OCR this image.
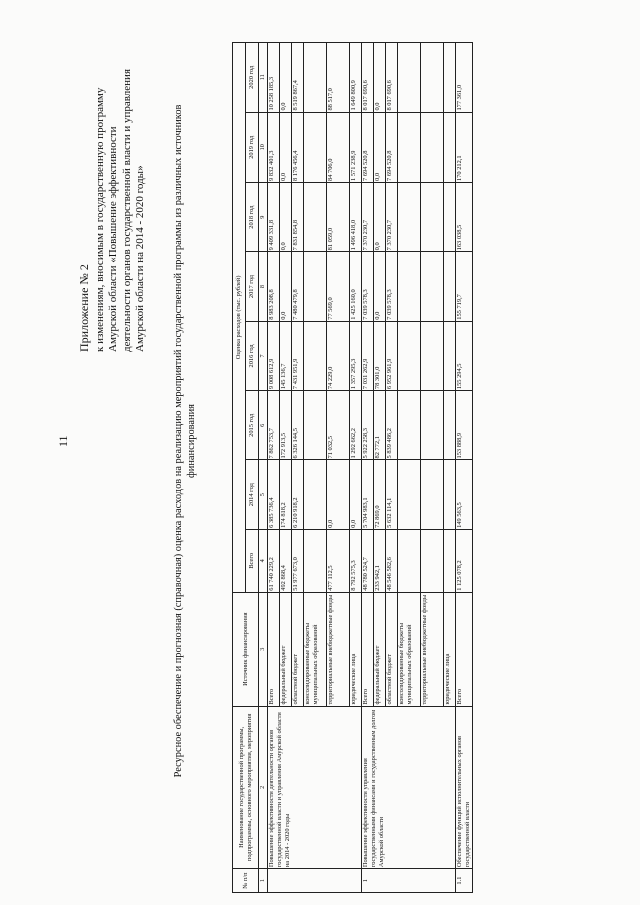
11
Приложение № 2 к изменениям, вносимым в государственную программу Амурской области «Повышение эффективности деятельности органов государственной власти и управления Амурской области на 2014 - 2020 годы»	Ресурсное обеспечение и прогнозная (справочная) оценка расходов на реализацию мероприятий государственной программы из различных источников финансирования
№ п/п	Наименование государственной программы, подпрограммы, основного мероприятия, мероприятия	Источник финансирования	Оценка расходов (тыс. рублей)							
			Всего	2014 год	2015 год	2016 год	2017 год	2018 год	2019 год	2020 год
1	2	3	4	5	6	7	8	9	10	11
	Повышение эффективности деятельности органов государственной власти и управления Амурской области на 2014 - 2020 годы	Всего	61 740 229,2	6 385 736,4	7 862 753,7	9 008 612,9	8 983 208,8	9 409 331,8	9 832 401,3	10 258 185,3
		федеральный бюджет	492 868,4	174 818,2	172 913,5	145 136,7	0,0	0,0	0,0	0,0
		областной бюджет	51 977 673,0	6 210 918,2	6 326 144,5	7 431 951,9	7 480 479,8	7 831 854,8	8 176 456,4	8 519 867,4
		консолидированные бюджеты муниципальных образований								
		территориальные внебюджетные фонды	477 112,5	0,0	71 032,5	74 229,0	77 569,0	81 059,0	84 706,0	88 517,0
		юридические лица	8 792 575,3	0,0	1 292 662,2	1 357 295,3	1 425 160,0	1 496 418,0	1 571 238,9	1 649 800,9
1	Повышение эффективности управления государственными финансами и государственным долгом Амурской области	Всего	48 780 524,7	5 704 983,1	5 922 258,3	7 031 262,9	7 039 578,3	7 370 230,7	7 694 520,8	8 017 690,6
		федеральный бюджет	233 942,1	72 869,0	82 772,1	78 301,0	0,0	0,0	0,0	0,0
		областной бюджет	48 546 582,6	5 632 114,1	5 839 486,2	6 952 961,9	7 039 578,3	7 370 230,7	7 694 520,8	8 017 690,6
		консолидированные бюджеты муниципальных образований								
		территориальные внебюджетные фонды								
		юридические лица								
1.1	Обеспечение функций исполнительных органов государственной власти	Всего	1 125 078,2	149 563,5	153 888,9	155 294,5	155 719,7	163 038,5	170 212,1	177 361,0
